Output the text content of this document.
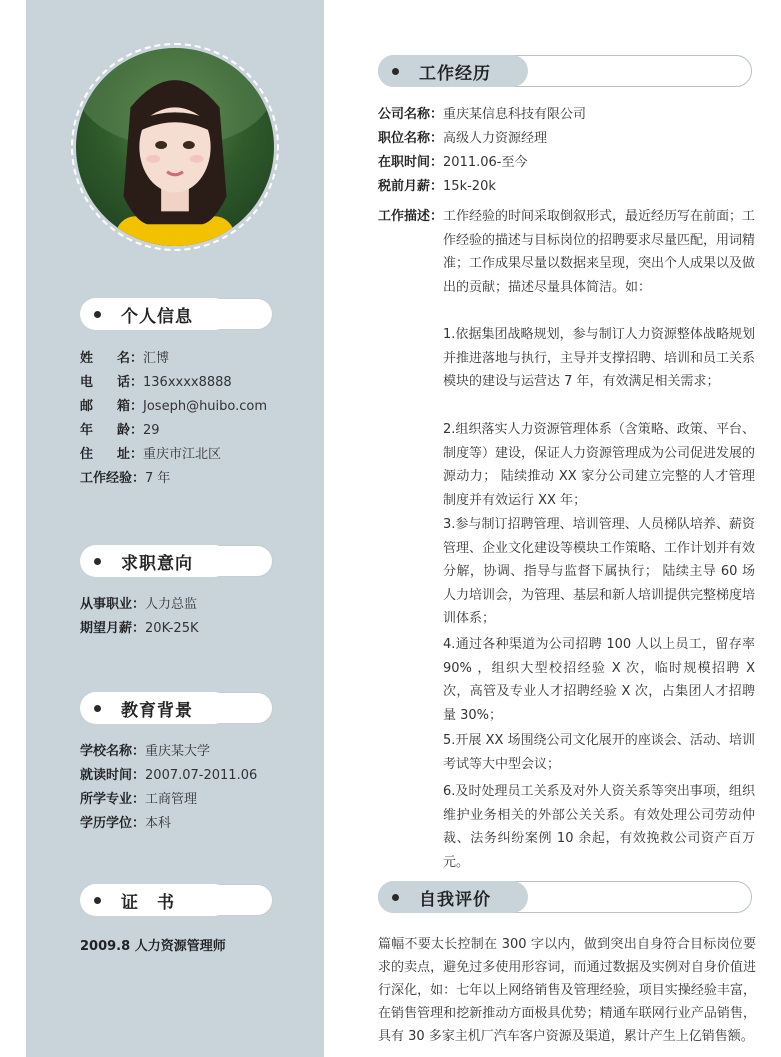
个人信息
姓 名 ： 汇博
电 话 ： 136xxxx8888
邮 箱 ： Joseph@huibo.com
年 龄 ： 29
住 址 ： 重庆市江北区
工作经验 ： 7 年
求职意向
从事职业 ： 人力总监
期望月薪 ： 20K-25K
教育背景
学校名称 ： 重庆某大学
就读时间 ： 2007.07-2011.06
所学专业 ： 工商管理
学历学位 ： 本科
证　书
2009.8 人力资源管理师
工作经历
公司名称：重庆某信息科技有限公司
职位名称：高级人力资源经理
在职时间：2011.06-至今
税前月薪：15k-20k
工作描述： 工作经验的时间采取倒叙形式，最近经历写在前面；工作经验的描述与目标岗位的招聘要求尽量匹配，用词精准；工作成果尽量以数据来呈现，突出个人成果以及做出的贡献；描述尽量具体简洁。如：
1.依据集团战略规划，参与制订人力资源整体战略规划并推进落地与执行，主导并支撑招聘、培训和员工关系模块的建设与运营达 7 年，有效满足相关需求；
2.组织落实人力资源管理体系（含策略、政策、平台、制度等）建设，保证人力资源管理成为公司促进发展的源动力； 陆续推动 XX 家分公司建立完整的人才管理制度并有效运行 XX 年；
3.参与制订招聘管理、培训管理、人员梯队培养、薪资管理、企业文化建设等模块工作策略、工作计划并有效分解，协调、指导与监督下属执行； 陆续主导 60 场人力培训会，为管理、基层和新人培训提供完整梯度培训体系；
4.通过各种渠道为公司招聘 100 人以上员工，留存率 90% ，组织大型校招经验 X 次，临时规模招聘 X 次，高管及专业人才招聘经验 X 次，占集团人才招聘量 30%；
5.开展 XX 场围绕公司文化展开的座谈会、活动、培训考试等大中型会议；
6.及时处理员工关系及对外人资关系等突出事项，组织维护业务相关的外部公关关系。有效处理公司劳动仲裁、法务纠纷案例 10 余起，有效挽救公司资产百万元。
自我评价
篇幅不要太长控制在 300 字以内，做到突出自身符合目标岗位要求的卖点，避免过多使用形容词，而通过数据及实例对自身价值进行深化，如：七年以上网络销售及管理经验，项目实操经验丰富，在销售管理和挖新推动方面极具优势；精通车联网行业产品销售，具有 30 多家主机厂汽车客户资源及渠道，累计产生上亿销售额。
